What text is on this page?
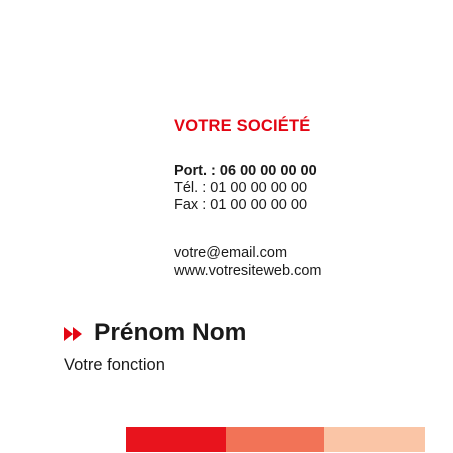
VOTRE SOCIÉTÉ
Port. : 06 00 00 00 00
Tél. : 01 00 00 00 00
Fax : 01 00 00 00 00
votre@email.com
www.votresiteweb.com
Prénom Nom
Votre fonction
